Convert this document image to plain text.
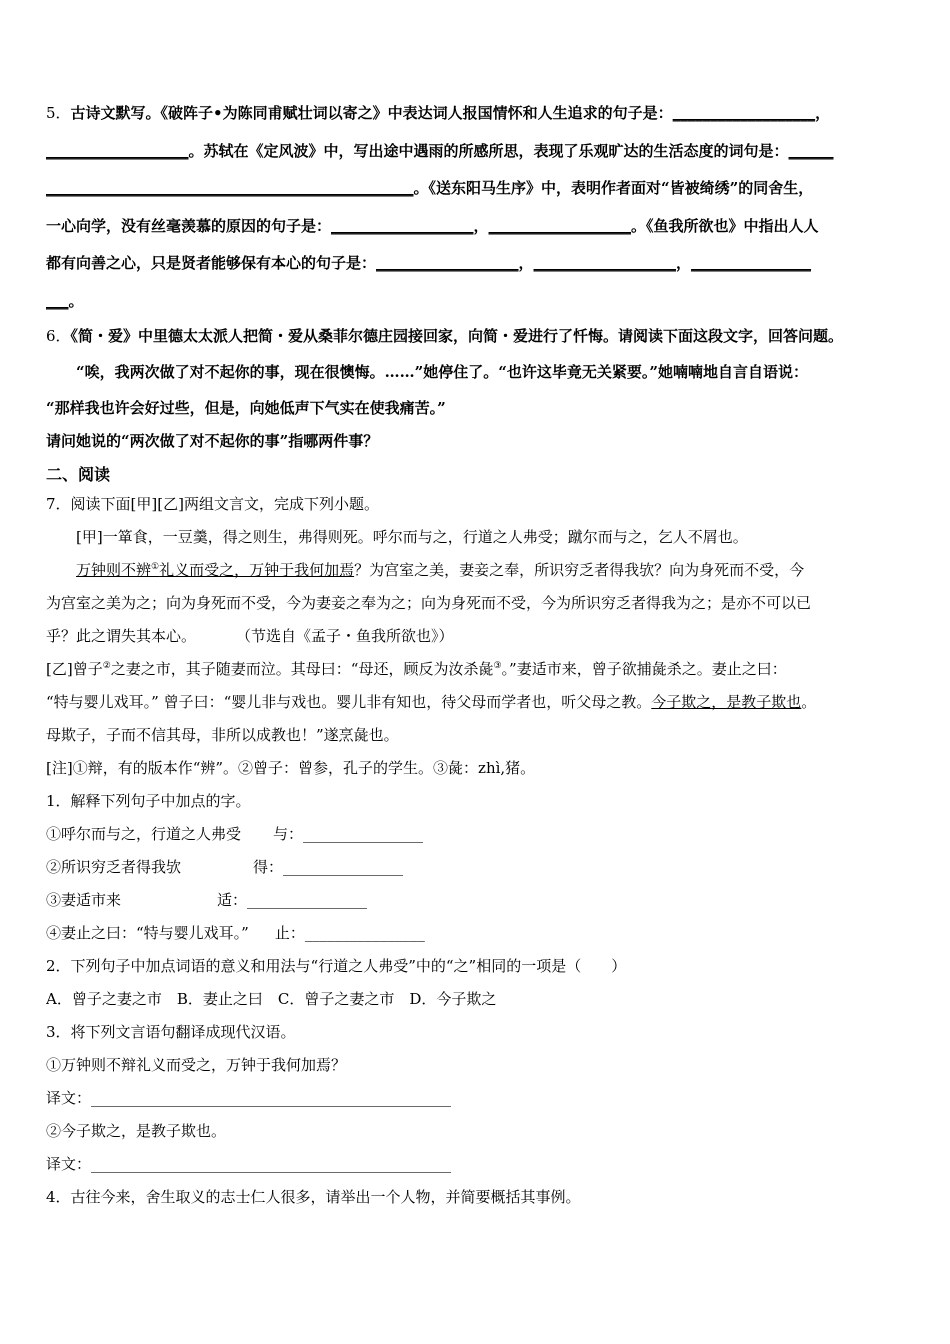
5．古诗文默写。《破阵子•为陈同甫赋壮词以寄之》中表达词人报国情怀和人生追求的句子是：___________________，
___________________。苏轼在《定风波》中，写出途中遇雨的所感所思，表现了乐观旷达的生活态度的词句是：______
_________________________________________________。《送东阳马生序》中，表明作者面对“皆被绮绣”的同舍生，
一心向学，没有丝毫羡慕的原因的句子是：___________________，___________________。《鱼我所欲也》中指出人人
都有向善之心，只是贤者能够保有本心的句子是：___________________，___________________，________________
___。
6．《简・爱》中里德太太派人把简・爱从桑菲尔德庄园接回家，向简・爱进行了忏悔。请阅读下面这段文字，回答问题。
“唉，我两次做了对不起你的事，现在很懊悔。……”她停住了。“也许这毕竟无关紧要。”她喃喃地自言自语说：
“那样我也许会好过些，但是，向她低声下气实在使我痛苦。”
请问她说的“两次做了对不起你的事”指哪两件事？
二、阅读
7．阅读下面[甲][乙]两组文言文，完成下列小题。
[甲]一箪食，一豆羹，得之则生，弗得则死。呼尔而与之，行道之人弗受；蹴尔而与之，乞人不屑也。
万钟则不辨①礼义而受之，万钟于我何加焉？为宫室之美，妻妾之奉，所识穷乏者得我欤？向为身死而不受，今
为宫室之美为之；向为身死而不受，今为妻妾之奉为之；向为身死而不受，今为所识穷乏者得我为之；是亦不可以已
乎？此之谓失其本心。	（节选自《孟子・鱼我所欲也》）
[乙]曾子②之妻之市，其子随妻而泣。其母曰：“母还，顾反为汝杀彘③。”妻适市来，曾子欲捕彘杀之。妻止之曰：
“特与婴儿戏耳。” 曾子曰：“婴儿非与戏也。婴儿非有知也，待父母而学者也，听父母之教。今子欺之，是教子欺也。
母欺子，子而不信其母，非所以成教也！”遂烹彘也。
[注]①辩，有的版本作“辨”。②曾子：曾参，孔子的学生。③彘：zhì,猪。
1．解释下列句子中加点的字。
①呼尔而与之，行道之人弗受 与：________________
②所识穷乏者得我欤	得：________________
③妻适市来	适：________________
④妻止之曰：“特与婴儿戏耳。” 止：________________
2．下列句子中加点词语的意义和用法与“行道之人弗受”中的“之”相同的一项是（　　）
A．曾子之妻之市　B．妻止之曰　C．曾子之妻之市　D．今子欺之
3．将下列文言语句翻译成现代汉语。
①万钟则不辩礼义而受之，万钟于我何加焉？
译文：________________________________________________
②今子欺之，是教子欺也。
译文：________________________________________________
4．古往今来，舍生取义的志士仁人很多，请举出一个人物，并简要概括其事例。
